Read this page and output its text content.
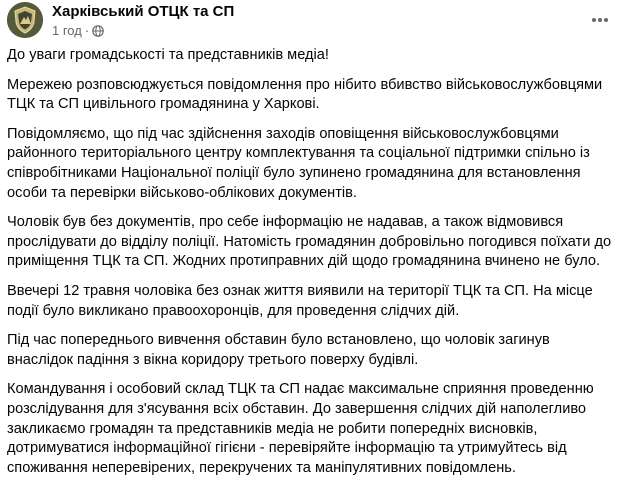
Харківський ОТЦК та СП
1 год ·

До уваги громадськості та представників медіа!

Мережею розповсюджується повідомлення про нібито вбивство військовослужбовцями ТЦК та СП цивільного громадянина у Харкові.

Повідомляємо, що під час здійснення заходів оповіщення військовослужбовцями районного територіального центру комплектування та соціальної підтримки спільно із співробітниками Національної поліції було зупинено громадянина для встановлення особи та перевірки військово-облікових документів.

Чоловік був без документів, про себе інформацію не надавав, а також відмовився прослідувати до відділу поліції. Натомість громадянин добровільно погодився поїхати до приміщення ТЦК та СП. Жодних протиправних дій щодо громадянина вчинено не було.

Ввечері 12 травня чоловіка без ознак життя виявили на території ТЦК та СП. На місце події було викликано правоохоронців, для проведення слідчих дій.

Під час попереднього вивчення обставин було встановлено, що чоловік загинув внаслідок падіння з вікна коридору третього поверху будівлі.

Командування і особовий склад ТЦК та СП надає максимальне сприяння проведенню розслідування для з'ясування всіх обставин. До завершення слідчих дій наполегливо закликаємо громадян та представників медіа не робити попередніх висновків, дотримуватися інформаційної гігієни - перевіряйте інформацію та утримуйтесь від споживання неперевірених, перекручених та маніпулятивних повідомлень.
